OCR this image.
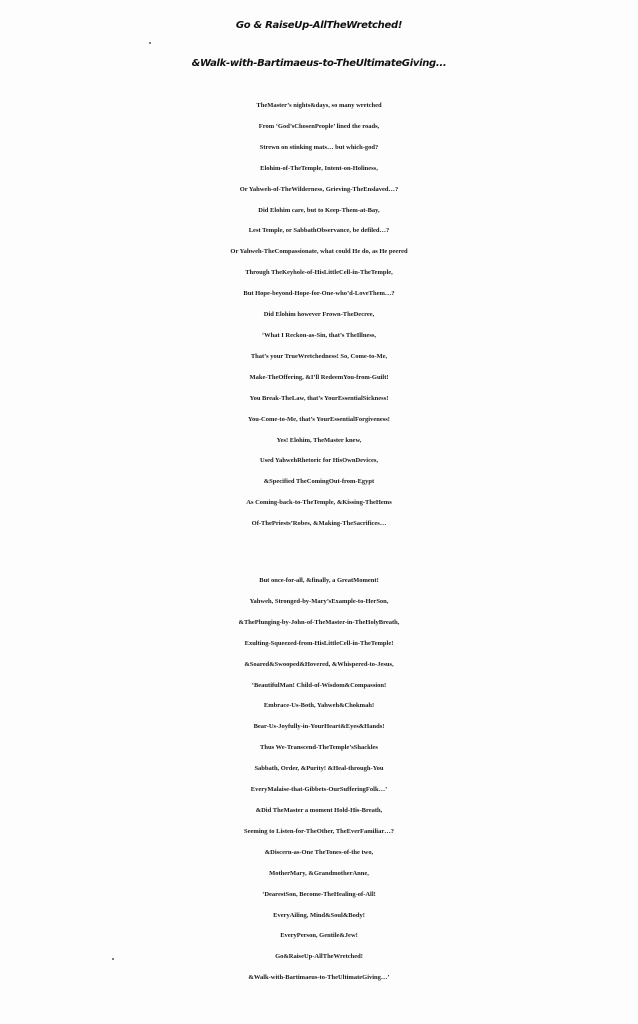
Go & RaiseUp-AllTheWretched!
&Walk-with-Bartimaeus-to-TheUltimateGiving...
TheMaster’s nights&days, so many wretched
From ‘God’sChosenPeople’ lined the roads,
Strewn on stinking mats… but which-god?
Elohim-of-TheTemple, Intent-on-Holiness,
Or Yahweh-of-TheWilderness, Grieving-TheEnslaved…?
Did Elohim care, but to Keep-Them-at-Bay,
Lest Temple, or SabbathObservance, be defiled…?
Or Yahweh-TheCompassionate, what could He do, as He peered
Through TheKeyhole-of-HisLittleCell-in-TheTemple,
But Hope-beyond-Hope-for-One-who’d-LoveThem…?
Did Elohim however Frown-TheDecree,
‘What I Reckon-as-Sin, that’s TheIllness,
That’s your TrueWretchedness! So, Come-to-Me,
Make-TheOffering, &I’ll RedeemYou-from-Guilt!
You Break-TheLaw, that’s YourEssentialSickness!
You-Come-to-Me, that’s YourEssentialForgiveness!
Yes! Elohim, TheMaster knew,
Used YahwehRhetoric for HisOwnDevices,
&Specified TheComingOut-from-Egypt
As Coming-back-to-TheTemple, &Kissing-TheHems
Of-ThePriests’Robes, &Making-TheSacrifices…
But once-for-all, &finally, a GreatMoment!
Yahweh, Stronged-by-Mary’sExample-to-HerSon,
&ThePlunging-by-John-of-TheMaster-in-TheHolyBreath,
Exulting-Squeezed-from-HisLittleCell-in-TheTemple!
&Soared&Swooped&Hovered, &Whispered-to-Jesus,
‘BeautifulMan! Child-of-Wisdom&Compassion!
Embrace-Us-Both, Yahweh&Chokmah!
Bear-Us-Joyfully-in-YourHeart&Eyes&Hands!
Thus We-Transcend-TheTemple’sShackles
Sabbath, Order, &Purity! &Heal-through-You
EveryMalaise-that-Gibbets-OurSufferingFolk…’
&Did TheMaster a moment Hold-His-Breath,
Seeming to Listen-for-TheOther, TheEverFamiliar…?
&Discern-as-One TheTones-of-the two,
MotherMary, &GrandmotherAnne,
‘DearestSon, Become-TheHealing-of-All!
EveryAiling, Mind&Soul&Body!
EveryPerson, Gentile&Jew!
Go&RaiseUp-AllTheWretched!
&Walk-with-Bartimaeus-to-TheUltimateGiving…’
